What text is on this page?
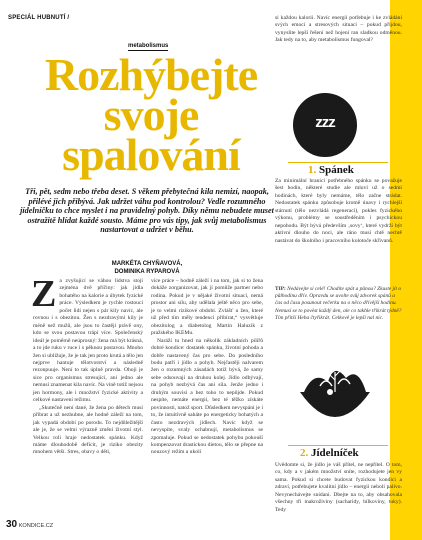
SPECIÁL HUBNUTÍ /
metabolismus
Rozhýbejte
svoje
spalování
Tři, pět, sedm nebo třeba deset. S věkem přebytečná kila nemizí, naopak, přilévé jich přibývá. Jak udržet váhu pod kontrolou? Vedle rozumného jídelníčku to chce myslet i na pravidelný pohyb. Díky němu nebudete muset ostražitě hlídat každé sousto. Máme pro vás tipy, jak svůj metabolismus nastartovat a udržet v běhu.
MARKÉTA CHYŇAVOVÁ,
DOMINIKA RYPAROVÁ
Z a zvyšující se váhou lidstva stojí zejména dvě příčiny: jak jídla bohatého na kalorie a úbytek fyzické práce. Výsledkem je rychle rostoucí počet lidí nejen s pár kily navíc, ale rovnou i s obezitou. Žen s nezdravými kily je méně než mužů, ale jsou to častěji právě ony, kdo se svou postavou trápí více. Společenský ideál je poměrně neúprosný: žena má být krásná, a to jde ruku v ruce i s pěknou postavou. Mnoho žen si ubližuje, že je tak jen proto krutá a tělo jen nejprve hantuje tělotvorství a následně rezonpuuje. Není to tak úplně pravda. Ohoji je sice pro organismus stresující, ani jedno ale nemusí znamenat kila navíc. Na vině totiž nejsou jen hormony, ale i množství fyzické aktivity a celkové nastavení režimu.
„Skutečně není dané, že žena po dětech musí přibrat a už nezhubne, ale hodně záleží na tom, jak vypadá období po porodu. To nejdůležitější ale je, že se velmi výrazně změní životní styl. Velkou roli hraje nedostatek spánku. Když máme dlouhodobě deficit, je riziko obezity mnohem větší. Stres, obavy o děti,
více práce – hodně záleží i na tom, jak si to žena dokáže zorganizovat, jak jí pomůže partner nebo rodina. Pokud je v nějaké životní situaci, nemá prostor ani sílu, aby udělala ještě něco pro sebe, je to velmi rizikové období. Zvlášť u žen, které už před tím měly tendenci přibírat,“ vysvětluje obezitolog a diabetolog Martin Haluzík z pražského IKEMu.
Naráží tu hned na několik základních pilířů dobré kondice: dostatek spánku, životní pohoda a dobře nastavený čas pro sebe. Do posledního bodu patří i jídlo a pohyb. Nejčastěji nalvarem žen o rozumných zásadách totiž bývá, že samy sebe odsouvají na druhou kolej. Jídlo odbývají, na pohyb nezbývá čas ani síla. Jenže jedno i druhým souvisí a bez toho to nepůjde. Pokud nespíte, nemáte energii, bez té těžko získáte povinnosti, natož sport. Důsledkem nevyspání je i to, že intuitivně saháte po energeticky bohatých a často nezdravých jídlech. Navíc když se nevyspíte, svaly ochabnují, metabolismus se zpomaluje. Pokud se nedostatek pohybu pokouší kompenzovat drastickou dietou, tělo se přepne na nouzový režim a ukolí
si každou kalorii. Navíc energii potřebuje i ke zvládání svých emocí a stresových situací – pokud přijdou, vynyslite lepší řešení než hojení ran sladkou odměnou. Jak tedy na to, aby metabolismus fungoval?
zzz
1. Spánek
Za minimální hranici potřebného spánku se považuje šest hodin, některé studie ale mluví už o sedmi hodinách, které byly nemáme, tělo začne strádat. Nedostatek spánku způsobuje kromě únavy i rychlejší stárnutí (tělo nezvládá regeneraci), pokles fyzického výkonu, problémy se soustředěním i psychickou nepohodu. Být bývá především ‚sovy‘, které vydrží být aktivní dlouho do noci, ale ráno musí chtě nechtě nastávat do školního i pracovního kolotoče skřivanů.
TIP: Nedávejte si celé! Chodíte spát a půnou? Zkuste jít o půlhodinu dřív. Opravdu se uvolte svůj zdvorek spánů a čas od času posunout večerku na o něco dřívější hodinu. Nemusí se to povést každý den, ale co takhle třikrát týdně? Tím přitší Heba čtyřikrát. Celkově je lepší nal nic.
2. Jídelníček
Uvědomte si, že jídlo je váš přítel, ne nepřítel. O tom, co, kdy a v jakém množství sníte, rozhodujete jen vy sama. Pokud si chcete budovat fyzickou kondici a zdraví, potřebujete kvalitní jídlo – energii nebolí palivo. Nevynechávejte snídani. Dbejte na to, aby obsahovala všechny tři makroživiny (sacharidy, bílkoviny, tuky). Tedy
30 KONDICE.CZ
